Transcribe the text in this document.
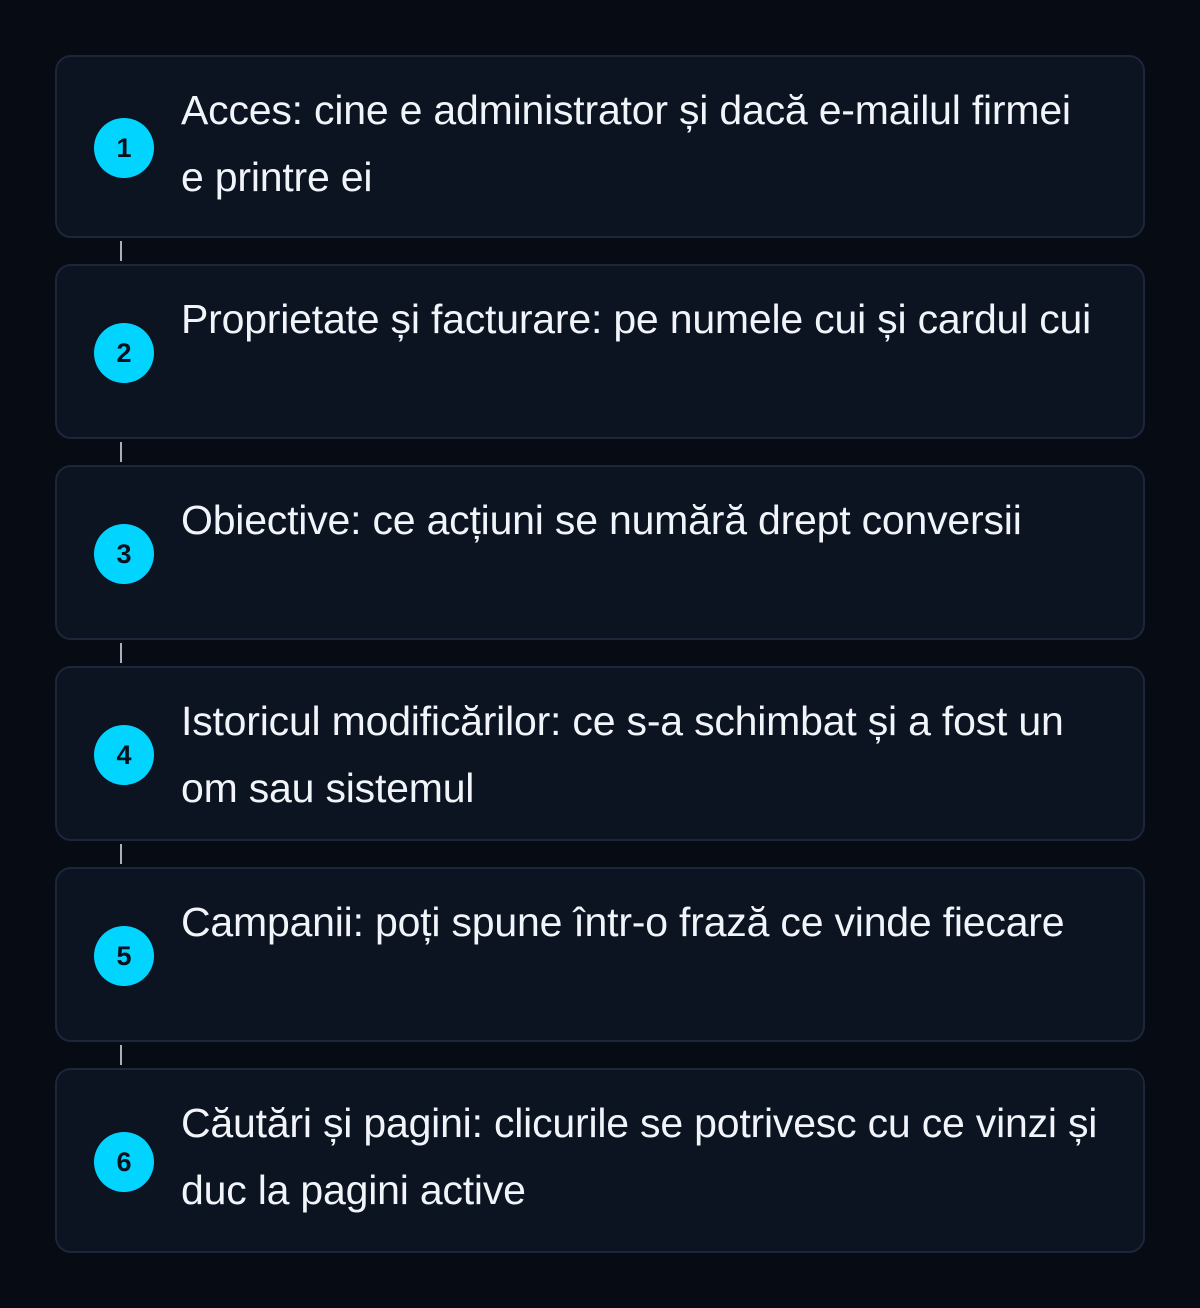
1
Acces: cine e administrator și dacă e-mailul firmei e printre ei
2
Proprietate și facturare: pe numele cui și cardul cui
3
Obiective: ce acțiuni se numără drept conversii
4
Istoricul modificărilor: ce s-a schimbat și a fost un om sau sistemul
5
Campanii: poți spune într-o frază ce vinde fiecare
6
Căutări și pagini: clicurile se potrivesc cu ce vinzi și duc la pagini active
